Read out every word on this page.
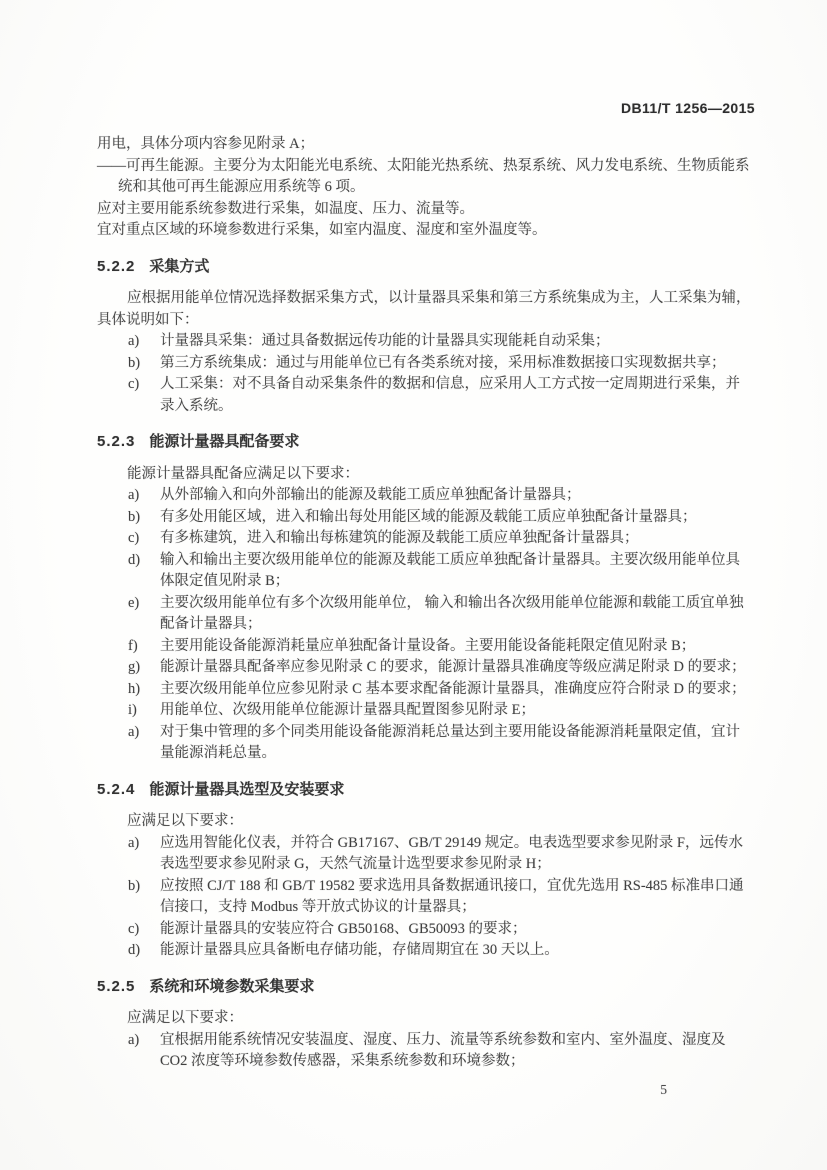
DB11/T 1256—2015

用电，具体分项内容参见附录 A；

——可再生能源。主要分为太阳能光电系统、太阳能光热系统、热泵系统、风力发电系统、生物质能系统和其他可再生能源应用系统等 6 项。

应对主要用能系统参数进行采集，如温度、压力、流量等。

宜对重点区域的环境参数进行采集，如室内温度、湿度和室外温度等。

5.2.2 采集方式

应根据用能单位情况选择数据采集方式，以计量器具采集和第三方系统集成为主，人工采集为辅，具体说明如下：

a)	计量器具采集：通过具备数据远传功能的计量器具实现能耗自动采集；
b)	第三方系统集成：通过与用能单位已有各类系统对接，采用标准数据接口实现数据共享；
c)	人工采集：对不具备自动采集条件的数据和信息，应采用人工方式按一定周期进行采集，并录入系统。
5.2.3 能源计量器具配备要求

能源计量器具配备应满足以下要求：

a)	从外部输入和向外部输出的能源及载能工质应单独配备计量器具；
b)	有多处用能区域，进入和输出每处用能区域的能源及载能工质应单独配备计量器具；
c)	有多栋建筑，进入和输出每栋建筑的能源及载能工质应单独配备计量器具；
d)	输入和输出主要次级用能单位的能源及载能工质应单独配备计量器具。主要次级用能单位具体限定值见附录 B；
e)	主要次级用能单位有多个次级用能单位， 输入和输出各次级用能单位能源和载能工质宜单独配备计量器具；
f)	主要用能设备能源消耗量应单独配备计量设备。主要用能设备能耗限定值见附录 B；
g)	能源计量器具配备率应参见附录 C 的要求，能源计量器具准确度等级应满足附录 D 的要求；
h)	主要次级用能单位应参见附录 C 基本要求配备能源计量器具，准确度应符合附录 D 的要求；
i)	用能单位、次级用能单位能源计量器具配置图参见附录 E；
a)	对于集中管理的多个同类用能设备能源消耗总量达到主要用能设备能源消耗量限定值，宜计量能源消耗总量。
5.2.4 能源计量器具选型及安装要求

应满足以下要求：

a)	应选用智能化仪表，并符合 GB17167、GB/T 29149 规定。电表选型要求参见附录 F，远传水表选型要求参见附录 G，天然气流量计选型要求参见附录 H；
b)	应按照 CJ/T 188 和 GB/T 19582 要求选用具备数据通讯接口，宜优先选用 RS-485 标准串口通信接口，支持 Modbus 等开放式协议的计量器具；
c)	能源计量器具的安装应符合 GB50168、GB50093 的要求；
d)	能源计量器具应具备断电存储功能，存储周期宜在 30 天以上。
5.2.5 系统和环境参数采集要求

应满足以下要求：

a)	宜根据用能系统情况安装温度、湿度、压力、流量等系统参数和室内、室外温度、湿度及 CO2 浓度等环境参数传感器，采集系统参数和环境参数；
5
